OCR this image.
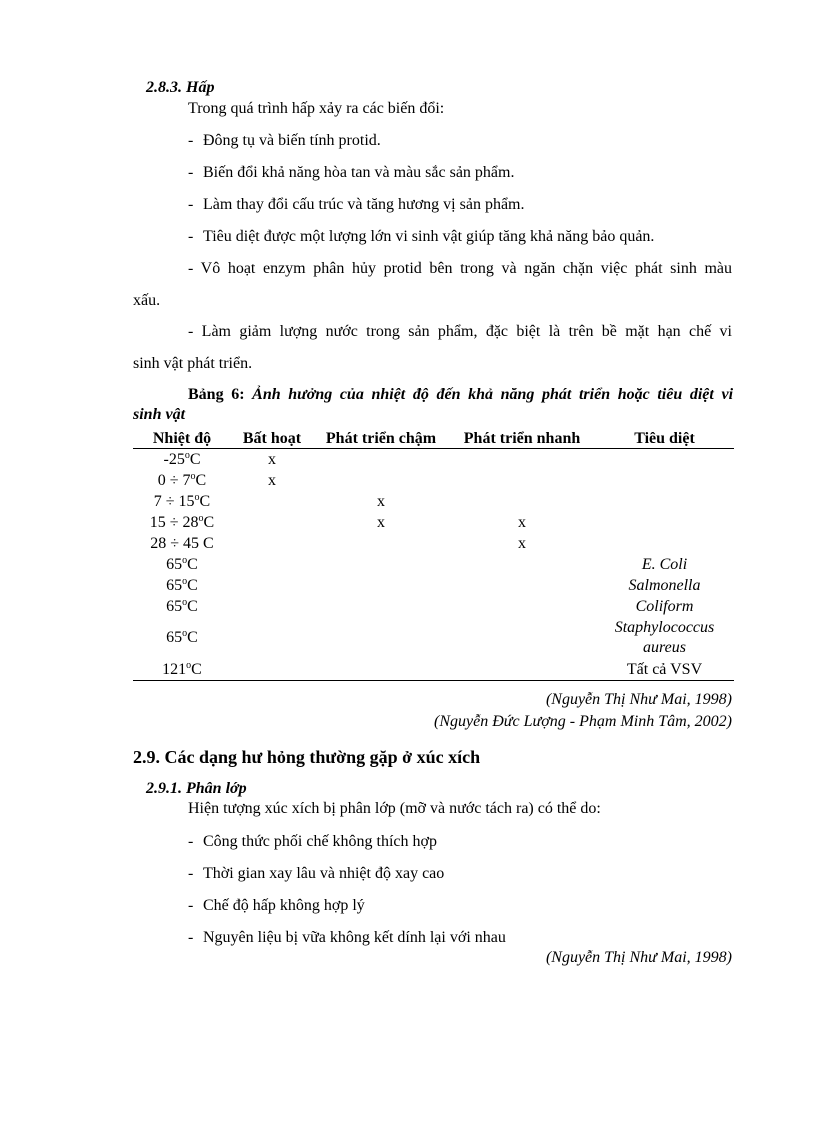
2.8.3. Hấp
Trong quá trình hấp xảy ra các biến đổi:
- Đông tụ và biến tính protid.
- Biến đổi khả năng hòa tan và màu sắc sản phẩm.
- Làm thay đổi cấu trúc và tăng hương vị sản phẩm.
- Tiêu diệt được một lượng lớn vi sinh vật giúp tăng khả năng bảo quản.
- Vô hoạt enzym phân hủy protid bên trong và ngăn chặn việc phát sinh màu
xấu.
- Làm giảm lượng nước trong sản phẩm, đặc biệt là trên bề mặt hạn chế vi
sinh vật phát triển.
Bảng 6: Ảnh hưởng của nhiệt độ đến khả năng phát triển hoặc tiêu diệt vi
sinh vật
Nhiệt độ	Bất hoạt	Phát triển chậm	Phát triển nhanh	Tiêu diệt
-25$^o$C	x			
$0 \div 7^oC$	x			
$7 \div 15^oC$		x		
$15 \div 28^oC$		x	x	
28 ÷ 45 C			x	
65$^o$C				E. Coli
65$^o$C				Salmonella
65$^o$C				Coliform
65$^o$C				Staphylococcus aureus
121$^o$C				Tất cả VSV
(Nguyễn Thị Như Mai, 1998)
(Nguyễn Đức Lượng - Phạm Minh Tâm, 2002)
2.9. Các dạng hư hỏng thường gặp ở xúc xích
2.9.1. Phân lớp
Hiện tượng xúc xích bị phân lớp (mỡ và nước tách ra) có thể do:
- Công thức phối chế không thích hợp
- Thời gian xay lâu và nhiệt độ xay cao
- Chế độ hấp không hợp lý
- Nguyên liệu bị vữa không kết dính lại với nhau
(Nguyễn Thị Như Mai, 1998)
